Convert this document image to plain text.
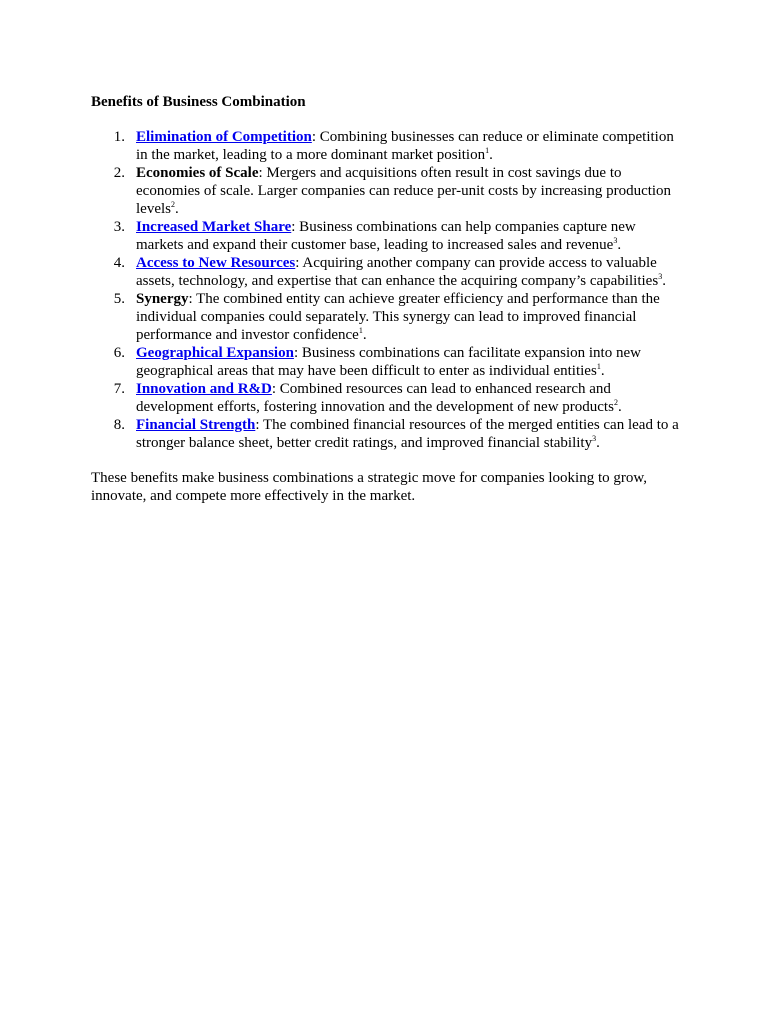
Benefits of Business Combination
1. Elimination of Competition: Combining businesses can reduce or eliminate competition in the market, leading to a more dominant market position$^1$.
2. Economies of Scale: Mergers and acquisitions often result in cost savings due to economies of scale. Larger companies can reduce per-unit costs by increasing production levels$^2$.
3. Increased Market Share: Business combinations can help companies capture new markets and expand their customer base, leading to increased sales and revenue$^3$.
4. Access to New Resources: Acquiring another company can provide access to valuable assets, technology, and expertise that can enhance the acquiring company’s capabilities$^3$.
5. Synergy: The combined entity can achieve greater efficiency and performance than the individual companies could separately. This synergy can lead to improved financial performance and investor confidence$^1$.
6. Geographical Expansion: Business combinations can facilitate expansion into new geographical areas that may have been difficult to enter as individual entities$^1$.
7. Innovation and R&D: Combined resources can lead to enhanced research and development efforts, fostering innovation and the development of new products$^2$.
8. Financial Strength: The combined financial resources of the merged entities can lead to a stronger balance sheet, better credit ratings, and improved financial stability$^3$.

These benefits make business combinations a strategic move for companies looking to grow, innovate, and compete more effectively in the market.
